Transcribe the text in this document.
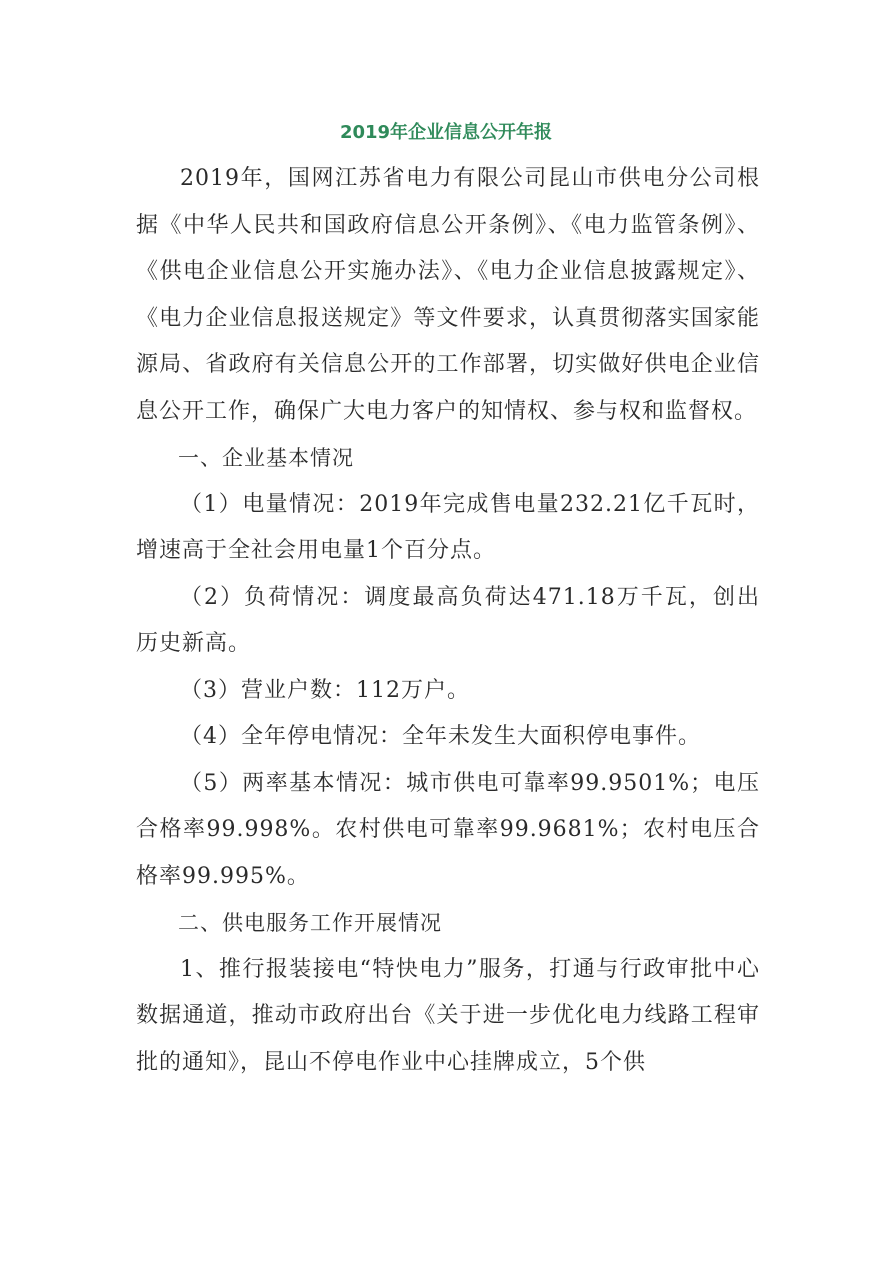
2019年企业信息公开年报

2019年，国网江苏省电力有限公司昆山市供电分公司根据《中华人民共和国政府信息公开条例》、《电力监管条例》、《供电企业信息公开实施办法》、《电力企业信息披露规定》、《电力企业信息报送规定》等文件要求，认真贯彻落实国家能源局、省政府有关信息公开的工作部署，切实做好供电企业信息公开工作，确保广大电力客户的知情权、参与权和监督权。

一、企业基本情况

（1）电量情况：2019年完成售电量232.21亿千瓦时，增速高于全社会用电量1个百分点。

（2）负荷情况：调度最高负荷达471.18万千瓦，创出历史新高。

（3）营业户数：112万户。

（4）全年停电情况：全年未发生大面积停电事件。

（5）两率基本情况：城市供电可靠率99.9501%；电压合格率99.998%。农村供电可靠率99.9681%；农村电压合格率99.995%。

二、供电服务工作开展情况

1、推行报装接电“特快电力”服务，打通与行政审批中心数据通道，推动市政府出台《关于进一步优化电力线路工程审批的通知》，昆山不停电作业中心挂牌成立，5个供
